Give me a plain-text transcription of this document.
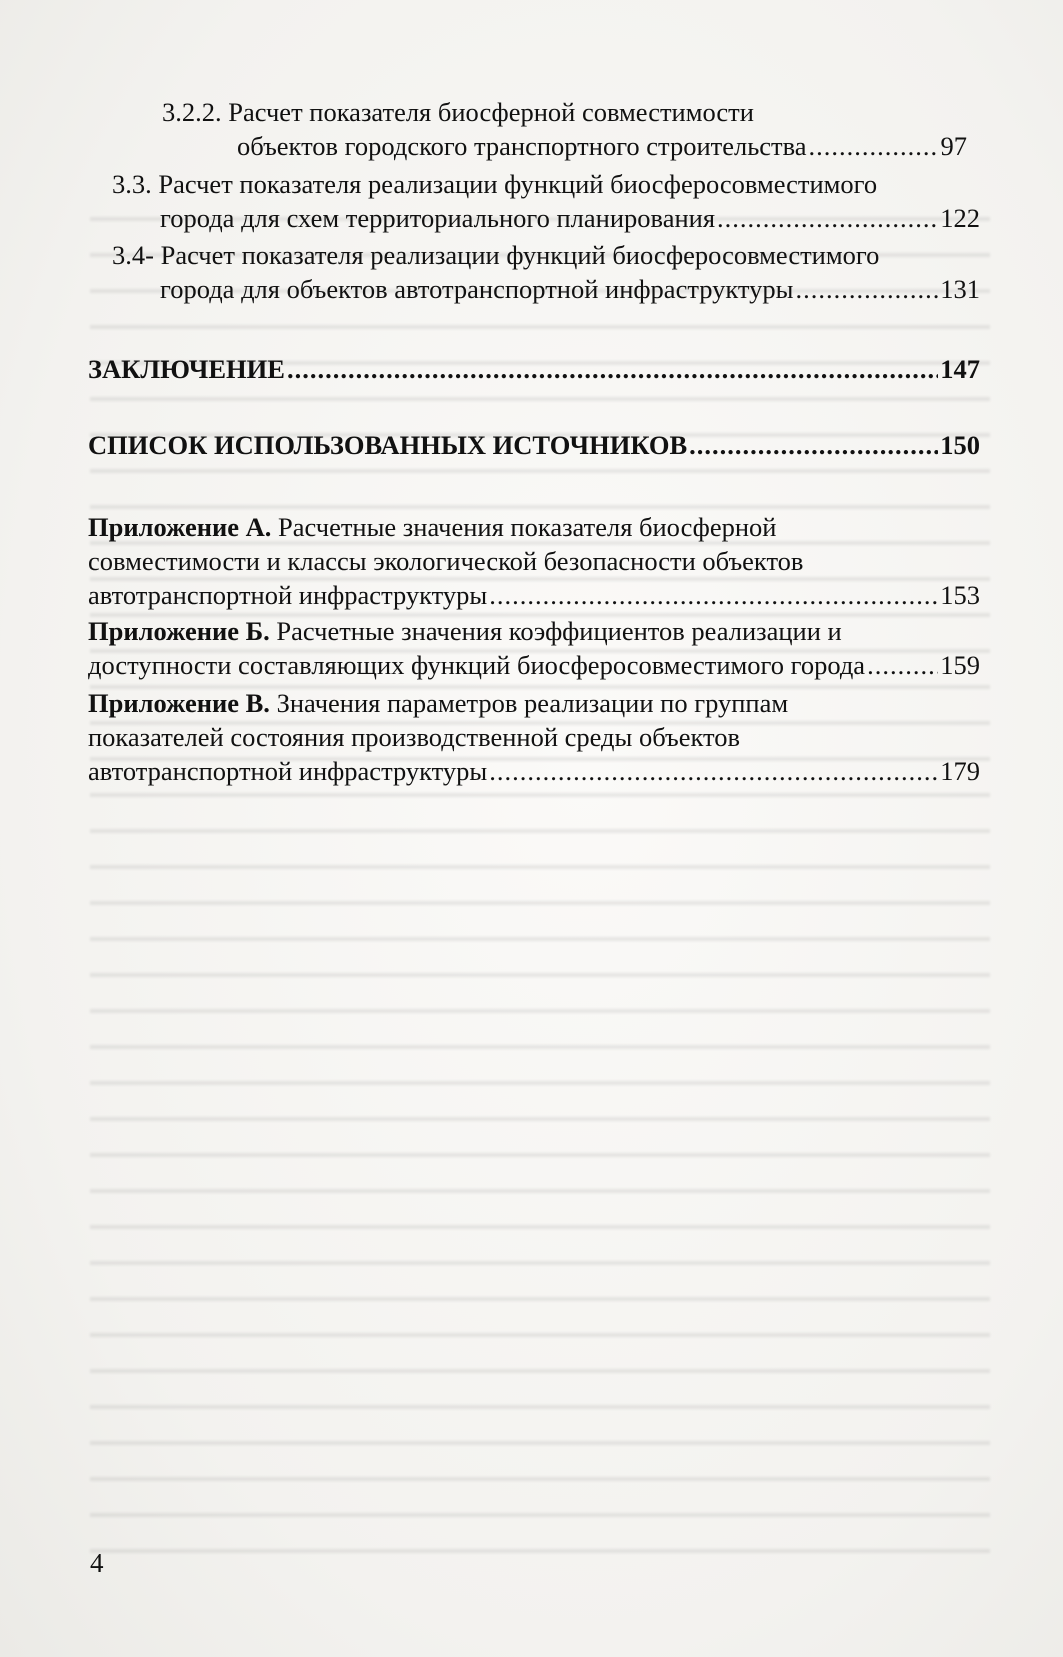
3.2.2. Расчет показателя биосферной совместимости
объектов городского транспортного строительства .....	97
3.3. Расчет показателя реализации функций биосферосовместимого
города для схем территориального планирования .....	122
3.4- Расчет показателя реализации функций биосферосовместимого
города для объектов автотранспортной инфраструктуры .....	131
ЗАКЛЮЧЕНИЕ .....	147
СПИСОК ИСПОЛЬЗОВАННЫХ ИСТОЧНИКОВ .....	150
Приложение А.
Расчетные значения показателя биосферной
совместимости и классы экологической безопасности объектов
автотранспортной инфраструктуры .....	153
Приложение Б.
Расчетные значения коэффициентов реализации и
доступности составляющих функций биосферосовместимого города .....	159
Приложение В.
Значения параметров реализации по группам
показателей состояния производственной среды объектов
автотранспортной инфраструктуры .....	179
4
